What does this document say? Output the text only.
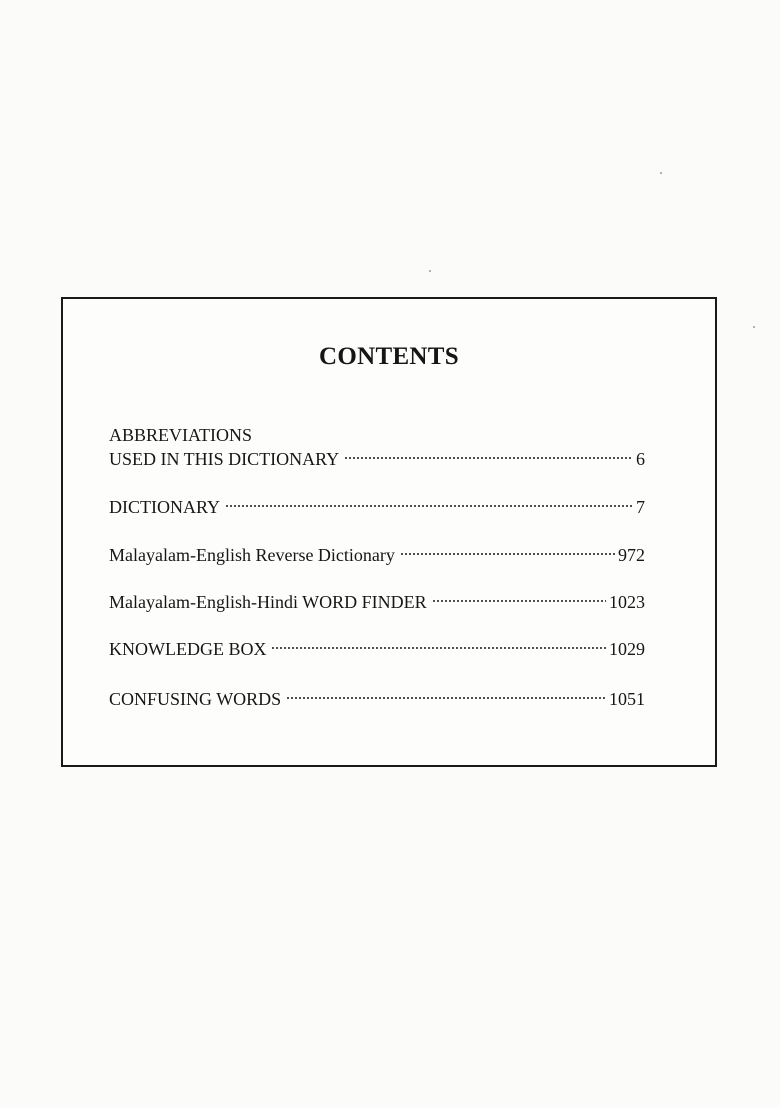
CONTENTS
ABBREVIATIONS
USED IN THIS DICTIONARY	6
DICTIONARY	7
Malayalam-English Reverse Dictionary	972
Malayalam-English-Hindi WORD FINDER	1023
KNOWLEDGE BOX	1029
CONFUSING WORDS	1051
